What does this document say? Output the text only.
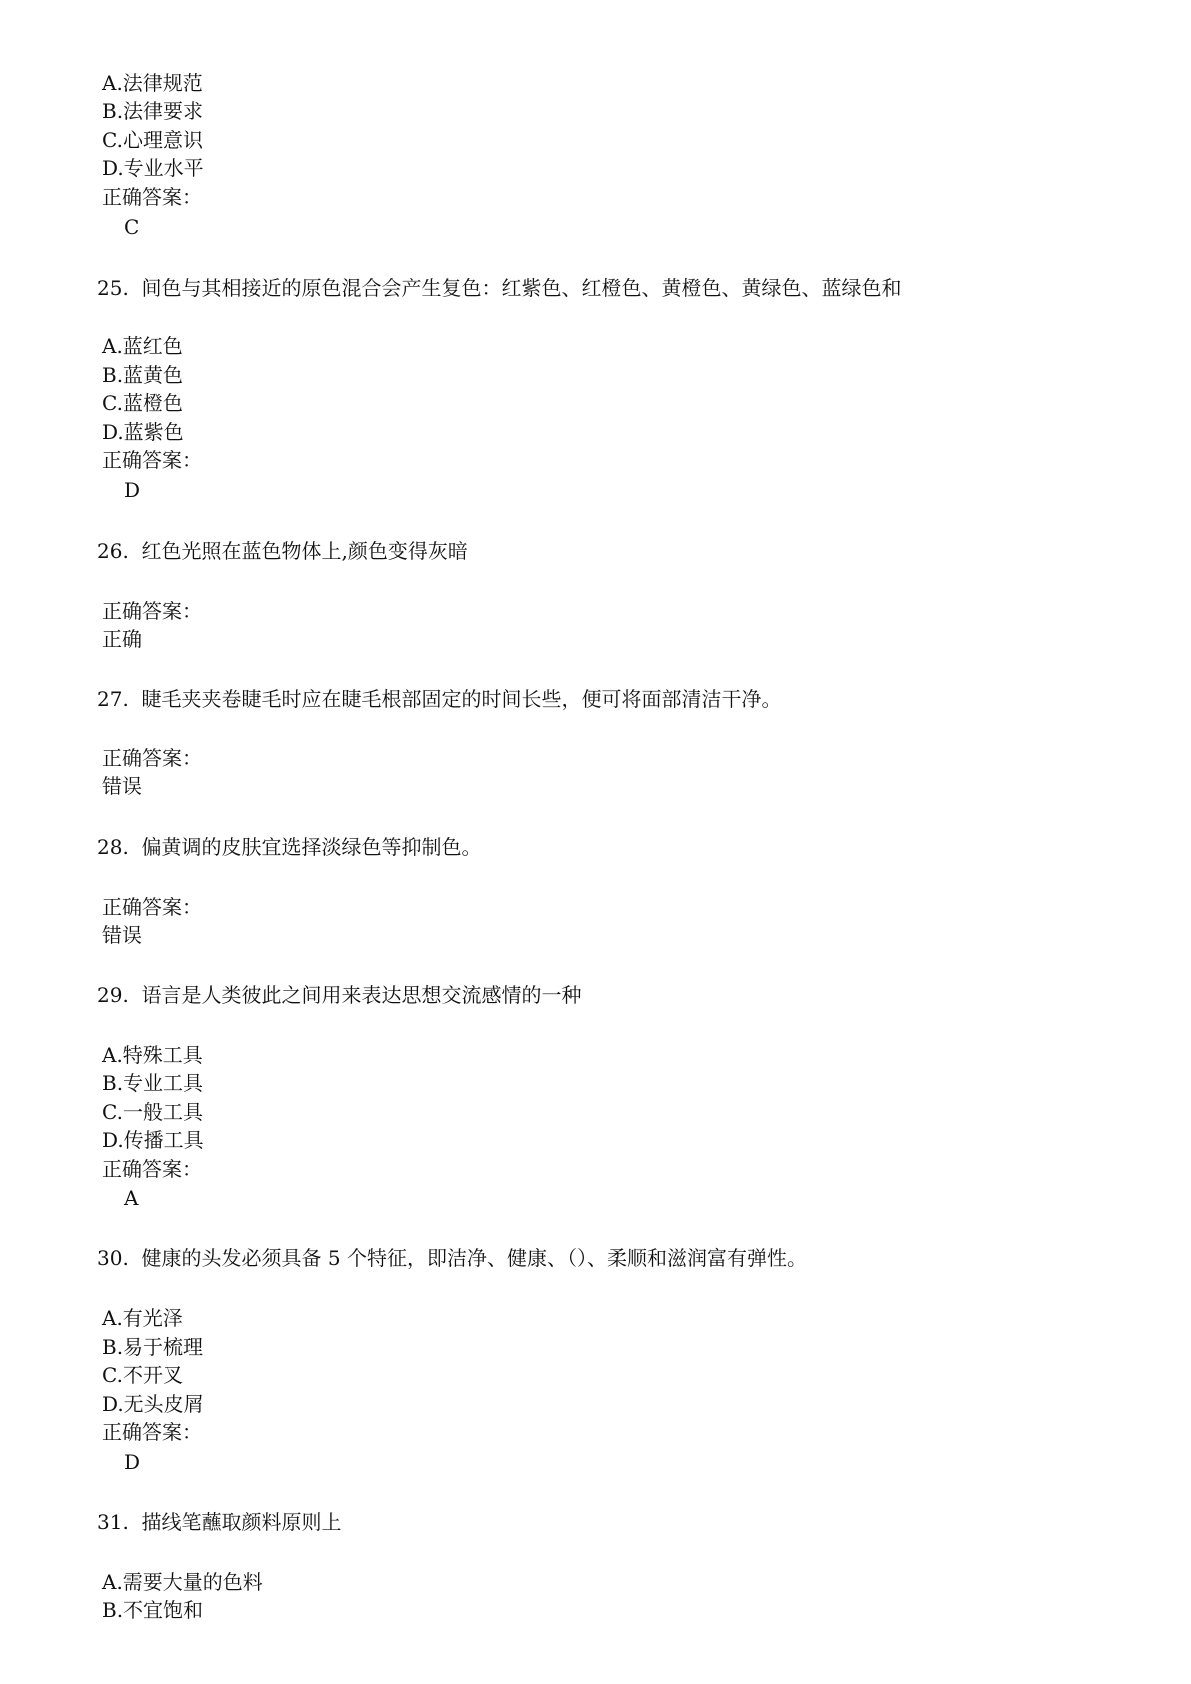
A.法律规范
B.法律要求
C.心理意识
D.专业水平
正确答案：
C
25.  间色与其相接近的原色混合会产生复色：红紫色、红橙色、黄橙色、黄绿色、蓝绿色和
A.蓝红色
B.蓝黄色
C.蓝橙色
D.蓝紫色
正确答案：
D
26.  红色光照在蓝色物体上,颜色变得灰暗
正确答案：
正确
27.  睫毛夹夹卷睫毛时应在睫毛根部固定的时间长些，便可将面部清洁干净。
正确答案：
错误
28.  偏黄调的皮肤宜选择淡绿色等抑制色。
正确答案：
错误
29.  语言是人类彼此之间用来表达思想交流感情的一种
A.特殊工具
B.专业工具
C.一般工具
D.传播工具
正确答案：
A
30.  健康的头发必须具备 5 个特征，即洁净、健康、（）、柔顺和滋润富有弹性。
A.有光泽
B.易于梳理
C.不开叉
D.无头皮屑
正确答案：
D
31.  描线笔蘸取颜料原则上
A.需要大量的色料
B.不宜饱和
